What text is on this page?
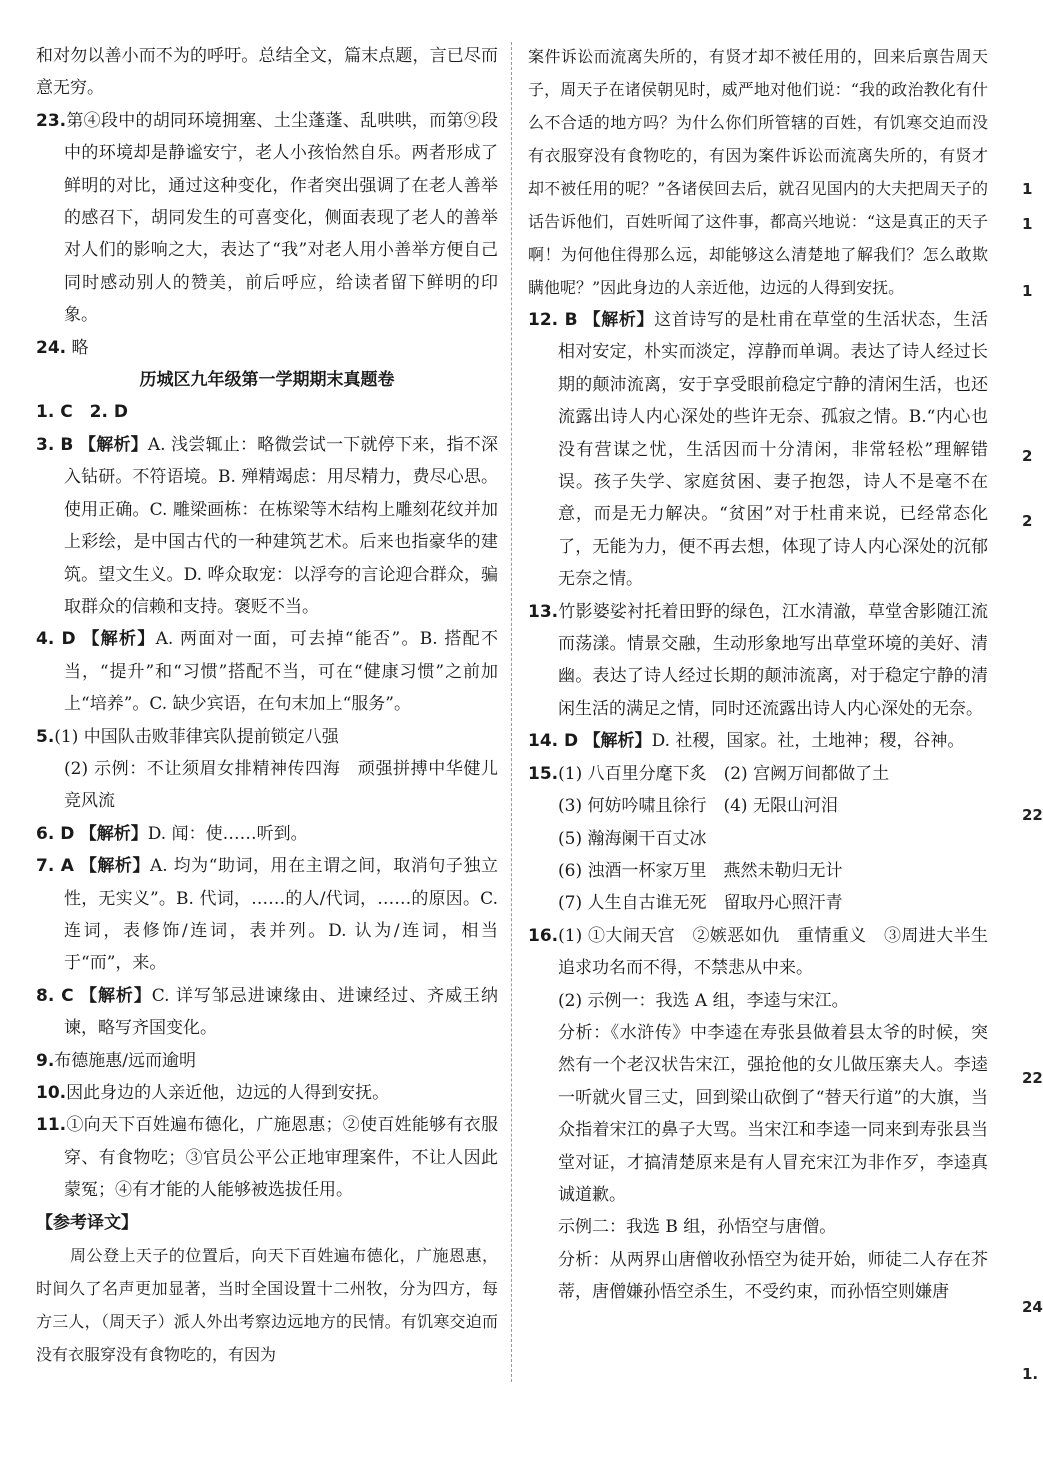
和对勿以善小而不为的呼吁。总结全文，篇末点题，言已尽而意无穷。

23.第④段中的胡同环境拥塞、土尘蓬蓬、乱哄哄，而第⑨段中的环境却是静谧安宁，老人小孩怡然自乐。两者形成了鲜明的对比，通过这种变化，作者突出强调了在老人善举的感召下，胡同发生的可喜变化，侧面表现了老人的善举对人们的影响之大，表达了“我”对老人用小善举方便自己同时感动别人的赞美，前后呼应，给读者留下鲜明的印象。

24. 略

历城区九年级第一学期期末真题卷

1. C　2. D

3. B 【解析】A. 浅尝辄止：略微尝试一下就停下来，指不深入钻研。不符语境。B. 殚精竭虑：用尽精力，费尽心思。使用正确。C. 雕梁画栋：在栋梁等木结构上雕刻花纹并加上彩绘，是中国古代的一种建筑艺术。后来也指豪华的建筑。望文生义。D. 哗众取宠：以浮夸的言论迎合群众，骗取群众的信赖和支持。褒贬不当。

4. D 【解析】A. 两面对一面，可去掉“能否”。B. 搭配不当，“提升”和“习惯”搭配不当，可在“健康习惯”之前加上“培养”。C. 缺少宾语，在句末加上“服务”。

5.(1) 中国队击败菲律宾队提前锁定八强

(2) 示例：不让须眉女排精神传四海　顽强拼搏中华健儿竞风流

6. D 【解析】D. 闻：使……听到。

7. A 【解析】A. 均为“助词，用在主谓之间，取消句子独立性，无实义”。B. 代词，……的人/代词，……的原因。C. 连词，表修饰/连词，表并列。D. 认为/连词，相当于“而”，来。

8. C 【解析】C. 详写邹忌进谏缘由、进谏经过、齐威王纳谏，略写齐国变化。

9.布德施惠/远而逾明

10.因此身边的人亲近他，边远的人得到安抚。

11.①向天下百姓遍布德化，广施恩惠；②使百姓能够有衣服穿、有食物吃；③官员公平公正地审理案件，不让人因此蒙冤；④有才能的人能够被选拔任用。

【参考译文】

周公登上天子的位置后，向天下百姓遍布德化，广施恩惠，时间久了名声更加显著，当时全国设置十二州牧，分为四方，每方三人，（周天子）派人外出考察边远地方的民情。有饥寒交迫而没有衣服穿没有食物吃的，有因为

案件诉讼而流离失所的，有贤才却不被任用的，回来后禀告周天子，周天子在诸侯朝见时，威严地对他们说：“我的政治教化有什么不合适的地方吗？为什么你们所管辖的百姓，有饥寒交迫而没有衣服穿没有食物吃的，有因为案件诉讼而流离失所的，有贤才却不被任用的呢？”各诸侯回去后，就召见国内的大夫把周天子的话告诉他们，百姓听闻了这件事，都高兴地说：“这是真正的天子啊！为何他住得那么远，却能够这么清楚地了解我们？怎么敢欺瞒他呢？”因此身边的人亲近他，边远的人得到安抚。

12. B 【解析】这首诗写的是杜甫在草堂的生活状态，生活相对安定，朴实而淡定，淳静而单调。表达了诗人经过长期的颠沛流离，安于享受眼前稳定宁静的清闲生活，也还流露出诗人内心深处的些许无奈、孤寂之情。B.“内心也没有营谋之忧，生活因而十分清闲，非常轻松”理解错误。孩子失学、家庭贫困、妻子抱怨，诗人不是毫不在意，而是无力解决。“贫困”对于杜甫来说，已经常态化了，无能为力，便不再去想，体现了诗人内心深处的沉郁无奈之情。

13.竹影婆娑衬托着田野的绿色，江水清澈，草堂舍影随江流而荡漾。情景交融，生动形象地写出草堂环境的美好、清幽。表达了诗人经过长期的颠沛流离，对于稳定宁静的清闲生活的满足之情，同时还流露出诗人内心深处的无奈。

14. D 【解析】D. 社稷，国家。社，土地神；稷，谷神。

15.(1) 八百里分麾下炙　(2) 宫阙万间都做了土

(3) 何妨吟啸且徐行　(4) 无限山河泪

(5) 瀚海阑干百丈冰

(6) 浊酒一杯家万里　燕然未勒归无计

(7) 人生自古谁无死　留取丹心照汗青

16.(1) ①大闹天宫　②嫉恶如仇　重情重义　③周进大半生追求功名而不得，不禁悲从中来。

(2) 示例一：我选 A 组，李逵与宋江。

分析：《水浒传》中李逵在寿张县做着县太爷的时候，突然有一个老汉状告宋江，强抢他的女儿做压寨夫人。李逵一听就火冒三丈，回到梁山砍倒了“替天行道”的大旗，当众指着宋江的鼻子大骂。当宋江和李逵一同来到寿张县当堂对证，才搞清楚原来是有人冒充宋江为非作歹，李逵真诚道歉。

示例二：我选 B 组，孙悟空与唐僧。

分析：从两界山唐僧收孙悟空为徒开始，师徒二人存在芥蒂，唐僧嫌孙悟空杀生，不受约束，而孙悟空则嫌唐

1
1
1
2
2
22
22
24
1.
